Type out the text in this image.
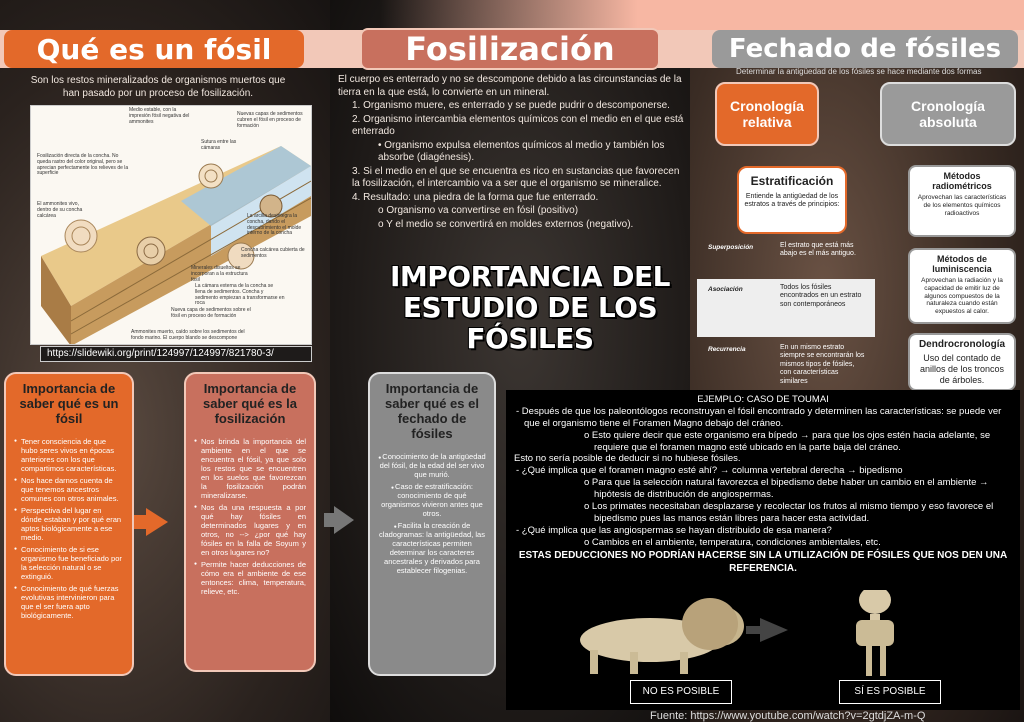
Qué es un fósil	Fosilización	Fechado de fósiles
Son los restos mineralizados de organismos muertos que han pasado por un proceso de fosilización.
Medio estable, con la impresión fósil negativa del ammonites
Nuevas capas de sedimentos cubren el fósil en proceso de formación
Sutura entre las cámaras
Fosilización directa de la concha. No queda rastro del color original, pero se aprecian perfectamente los relieves de la superficie
El ammonites vivo, dentro de su concha calcárea	La arcilla desintegra la concha, dando el descubrimiento el molde interno de la concha
Concha calcárea cubierta de sedimentos
Minerales disueltos se incorporan a la estructura fósil
La cámara externa de la concha se llena de sedimentos. Concha y sedimento empiezan a transformarse en roca
Nueva capa de sedimentos sobre el fósil en proceso de formación
Ammonites muerto, caído sobre los sedimentos del fondo marino. El cuerpo blando se descompone
https://slidewiki.org/print/124997/124997/821780-3/

El cuerpo es enterrado y no se descompone debido a las circunstancias de la tierra en la que está, lo convierte en un mineral.

1. Organismo muere, es enterrado y se puede pudrir o descomponerse.

2. Organismo intercambia elementos químicos con el medio en el que está enterrado

• Organismo expulsa elementos químicos al medio y también los absorbe (diagénesis).

3. Si el medio en el que se encuentra es rico en sustancias que favorecen la fosilización, el intercambio va a ser que el organismo se mineralice.

4. Resultado: una piedra de la forma que fue enterrado.

o Organismo va convertirse en fósil (positivo)

o Y el medio se convertirá en moldes externos (negativo).

Determinar la antigüedad de los fósiles se hace mediante dos formas
IMPORTANCIA DEL ESTUDIO DE LOS FÓSILES
Cronología relativa
Cronología absoluta
Estratificación

Entiende la antigüedad de los estratos a través de principios:

Superposición	El estrato que está más abajo es el más antiguo.
Asociación	Todos los fósiles encontrados en un estrato son contemporáneos
Recurrencia	En un mismo estrato siempre se encontrarán los mismos tipos de fósiles, con características similares
Métodos radiométricos

Aprovechan las características de los elementos químicos radioactivos

Métodos de luminiscencia

Aprovechan la radiación y la capacidad de emitir luz de algunos compuestos de la naturaleza cuando están expuestos al calor.

Dendrocronología

Uso del contado de anillos de los troncos de árboles.

Importancia de saber qué es un fósil
● Tener consciencia de que hubo seres vivos en épocas anteriores con los que compartimos características.
● Nos hace darnos cuenta de que tenemos ancestros comunes con otros animales.
● Perspectiva del lugar en dónde estaban y por qué eran aptos biológicamente a ese medio.
● Conocimiento de si ese organismo fue beneficiado por la selección natural o se extinguió.
● Conocimiento de qué fuerzas evolutivas intervinieron para que el ser fuera apto biológicamente.
Importancia de saber qué es la fosilización
● Nos brinda la importancia del ambiente en el que se encuentra el fósil, ya que solo los restos que se encuentren en los suelos que favorezcan la fosilización podrán mineralizarse.
● Nos da una respuesta a por qué hay fósiles en determinados lugares y en otros, no --> ¿por qué hay fósiles en la falla de Soyum y en otros lugares no?
● Permite hacer deducciones de cómo era el ambiente de ese entonces: clima, temperatura, relieve, etc.
Importancia de saber qué es el fechado de fósiles
● Conocimiento de la antigüedad del fósil, de la edad del ser vivo que murió.
● Caso de estratificación: conocimiento de qué organismos vivieron antes que otros.
● Facilita la creación de cladogramas: la antigüedad, las características permiten determinar los caracteres ancestrales y derivados para establecer filogenias.

EJEMPLO: CASO DE TOUMAI

- Después de que los paleontólogos reconstruyan el fósil encontrado y determinen las características: se puede ver que el organismo tiene el Foramen Magno debajo del cráneo.

o Esto quiere decir que este organismo era bípedo → para que los ojos estén hacia adelante, se requiere que el foramen magno esté ubicado en la parte baja del cráneo.

Esto no sería posible de deducir si no hubiese fósiles.

- ¿Qué implica que el foramen magno esté ahí? → columna vertebral derecha → bipedismo

o Para que la selección natural favorezca el bipedismo debe haber un cambio en el ambiente → hipótesis de distribución de angiospermas.

o Los primates necesitaban desplazarse y recolectar los frutos al mismo tiempo y eso favorece el bipedismo pues las manos están libres para hacer esta actividad.

- ¿Qué implica que las angiospermas se hayan distribuido de esa manera?

o Cambios en el ambiente, temperatura, condiciones ambientales, etc.

ESTAS DEDUCCIONES NO PODRÍAN HACERSE SIN LA UTILIZACIÓN DE FÓSILES QUE NOS DEN UNA REFERENCIA.

NO ES POSIBLE	SÍ ES POSIBLE
Fuente: https://www.youtube.com/watch?v=2gtdjZA-m-Q
